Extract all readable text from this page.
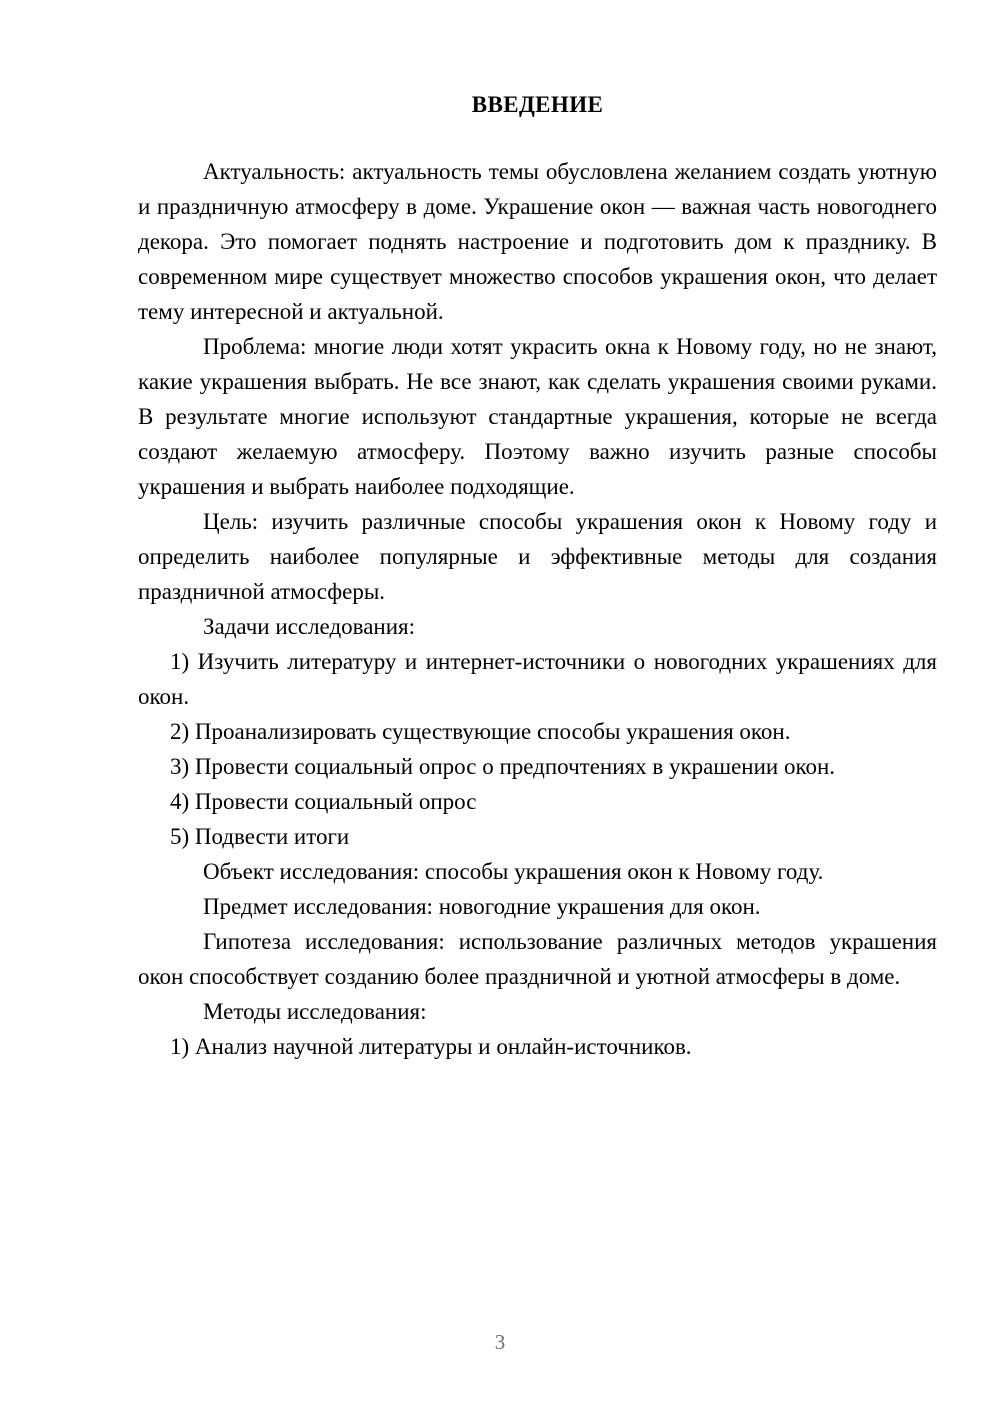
ВВЕДЕНИЕ

Актуальность: актуальность темы обусловлена желанием создать уютную и праздничную атмосферу в доме. Украшение окон — важная часть новогоднего декора. Это помогает поднять настроение и подготовить дом к празднику. В современном мире существует множество способов украшения окон, что делает тему интересной и актуальной.

Проблема: многие люди хотят украсить окна к Новому году, но не знают, какие украшения выбрать. Не все знают, как сделать украшения своими руками. В результате многие используют стандартные украшения, которые не всегда создают желаемую атмосферу. Поэтому важно изучить разные способы украшения и выбрать наиболее подходящие.

Цель: изучить различные способы украшения окон к Новому году и определить наиболее популярные и эффективные методы для создания праздничной атмосферы.

Задачи исследования:

1) Изучить литературу и интернет-источники о новогодних украшениях для окон.

2) Проанализировать существующие способы украшения окон.

3) Провести социальный опрос о предпочтениях в украшении окон.

4) Провести социальный опрос

5) Подвести итоги

Объект исследования: способы украшения окон к Новому году.

Предмет исследования: новогодние украшения для окон.

Гипотеза исследования: использование различных методов украшения окон способствует созданию более праздничной и уютной атмосферы в доме.

Методы исследования:

1) Анализ научной литературы и онлайн-источников.

3
